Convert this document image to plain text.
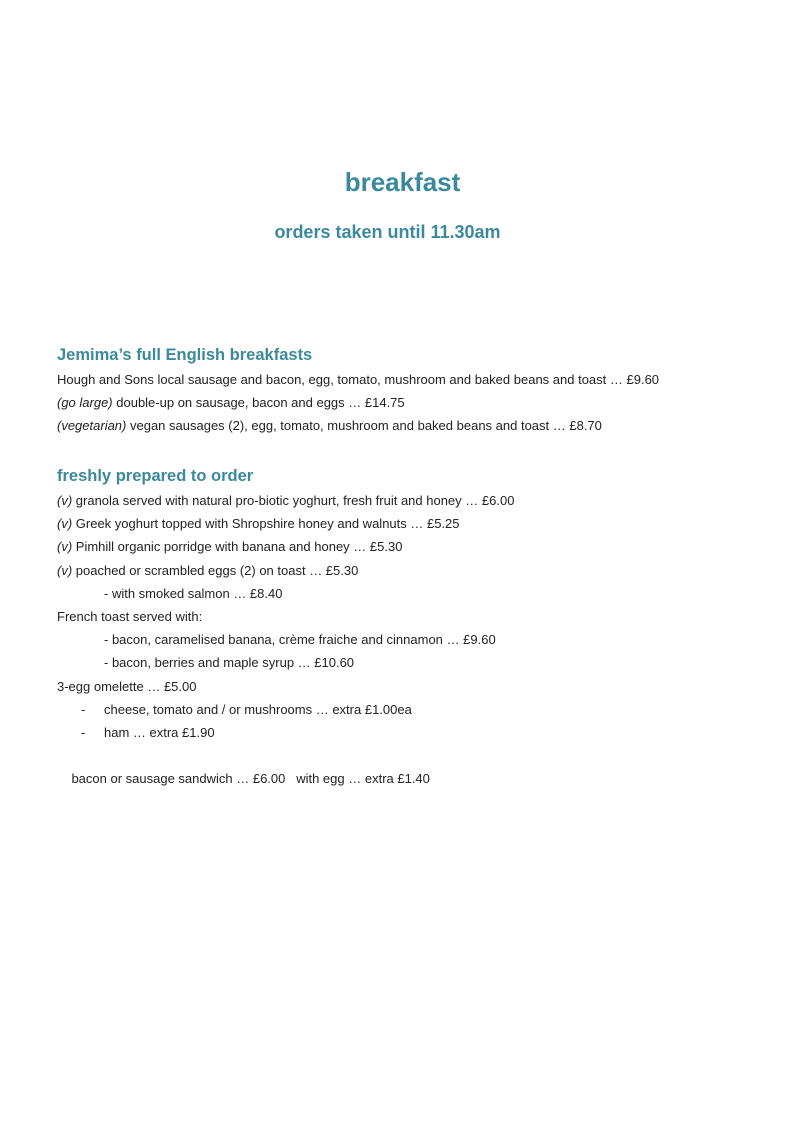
breakfast
orders taken until 11.30am
Jemima’s full English breakfasts
Hough and Sons local sausage and bacon, egg, tomato, mushroom and baked beans and toast … £9.60
(go large) double-up on sausage, bacon and eggs … £14.75
(vegetarian) vegan sausages (2), egg, tomato, mushroom and baked beans and toast … £8.70
freshly prepared to order
(v) granola served with natural pro-biotic yoghurt, fresh fruit and honey … £6.00
(v) Greek yoghurt topped with Shropshire honey and walnuts … £5.25
(v) Pimhill organic porridge with banana and honey … £5.30
(v) poached or scrambled eggs (2) on toast … £5.30
- with smoked salmon … £8.40
French toast served with:
- bacon, caramelised banana, crème fraiche and cinnamon … £9.60
- bacon, berries and maple syrup … £10.60
3-egg omelette … £5.00
- cheese, tomato and / or mushrooms … extra £1.00ea
- ham … extra £1.90

bacon or sausage sandwich … £6.00   with egg … extra £1.40
